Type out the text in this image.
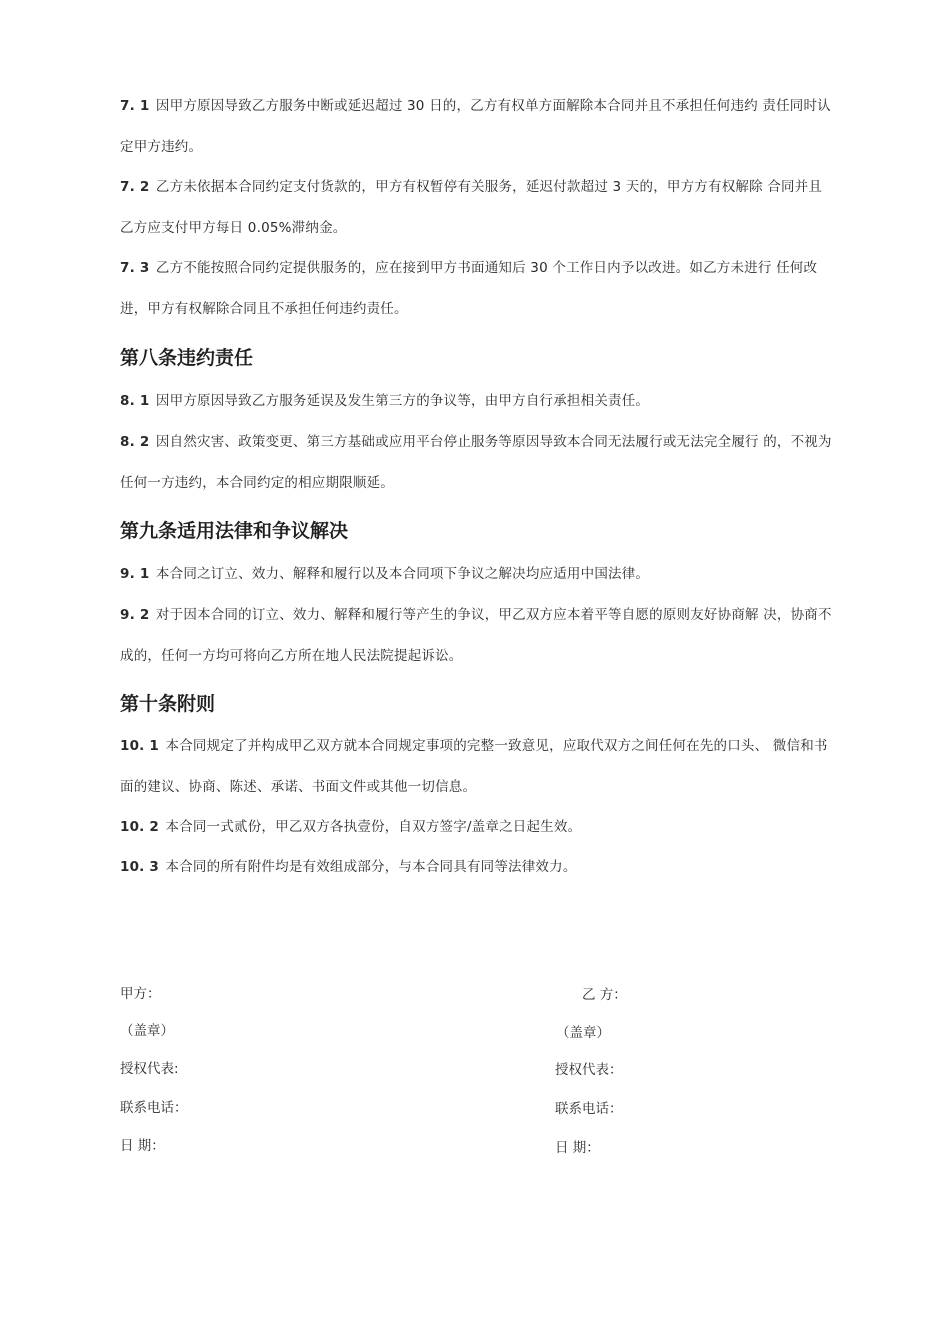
7. 1 因甲方原因导致乙方服务中断或延迟超过 30 日的，乙方有权单方面解除本合同并且不承担任何违约 责任同时认定甲方违约。

7. 2 乙方未依据本合同约定支付货款的，甲方有权暂停有关服务，延迟付款超过 3 天的，甲方方有权解除 合同并且乙方应支付甲方每日 0.05%滞纳金。

7. 3 乙方不能按照合同约定提供服务的，应在接到甲方书面通知后 30 个工作日内予以改进。如乙方未进行 任何改进，甲方有权解除合同且不承担任何违约责任。

第八条违约责任

8. 1 因甲方原因导致乙方服务延误及发生第三方的争议等，由甲方自行承担相关责任。

8. 2 因自然灾害、政策变更、第三方基础或应用平台停止服务等原因导致本合同无法履行或无法完全履行 的，不视为任何一方违约，本合同约定的相应期限顺延。

第九条适用法律和争议解决

9. 1 本合同之订立、效力、解释和履行以及本合同项下争议之解决均应适用中国法律。

9. 2 对于因本合同的订立、效力、解释和履行等产生的争议，甲乙双方应本着平等自愿的原则友好协商解 决，协商不成的，任何一方均可将向乙方所在地人民法院提起诉讼。

第十条附则

10. 1 本合同规定了并构成甲乙双方就本合同规定事项的完整一致意见，应取代双方之间任何在先的口头、 微信和书面的建议、协商、陈述、承诺、书面文件或其他一切信息。

10. 2 本合同一式贰份，甲乙双方各执壹份，自双方签字/盖章之日起生效。

10. 3 本合同的所有附件均是有效组成部分，与本合同具有同等法律效力。

甲方：

（盖章）

授权代表:

联系电话：

日 期：

乙 方：

（盖章）

授权代表：

联系电话：

日 期：
